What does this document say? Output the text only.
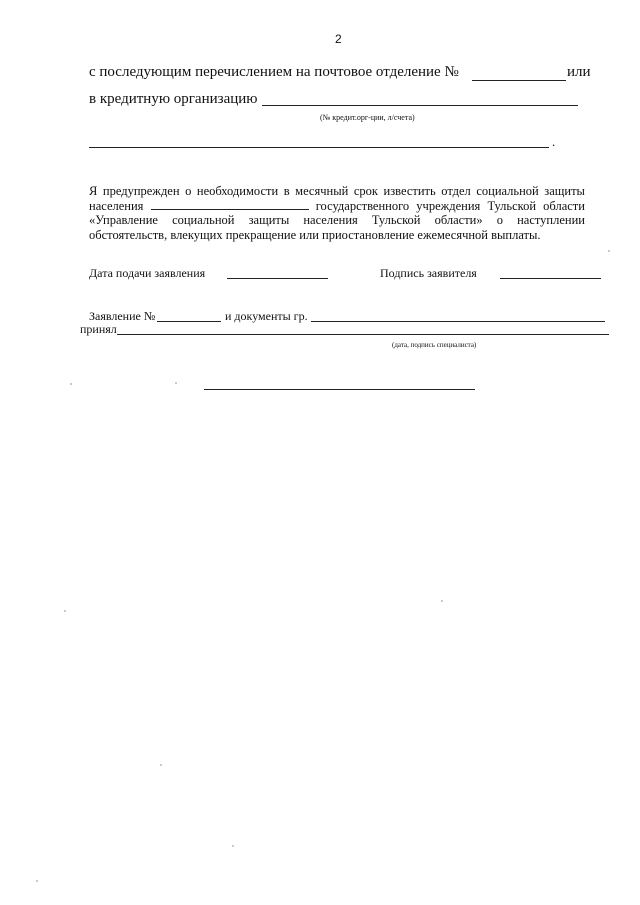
2
с последующим перечислением на почтовое отделение №	или
в кредитную организацию
(№ кредит.орг-ции, л/счета)
.
Я предупрежден о необходимости в месячный срок известить отдел социальной защиты
населения	государственного учреждения Тульской области
«Управление социальной защиты населения Тульской области» о наступлении
обстоятельств, влекущих прекращение или приостановление ежемесячной выплаты.
Дата подачи заявления	Подпись заявителя
Заявление №	и документы гр.
принял
(дата, подпись специалиста)
